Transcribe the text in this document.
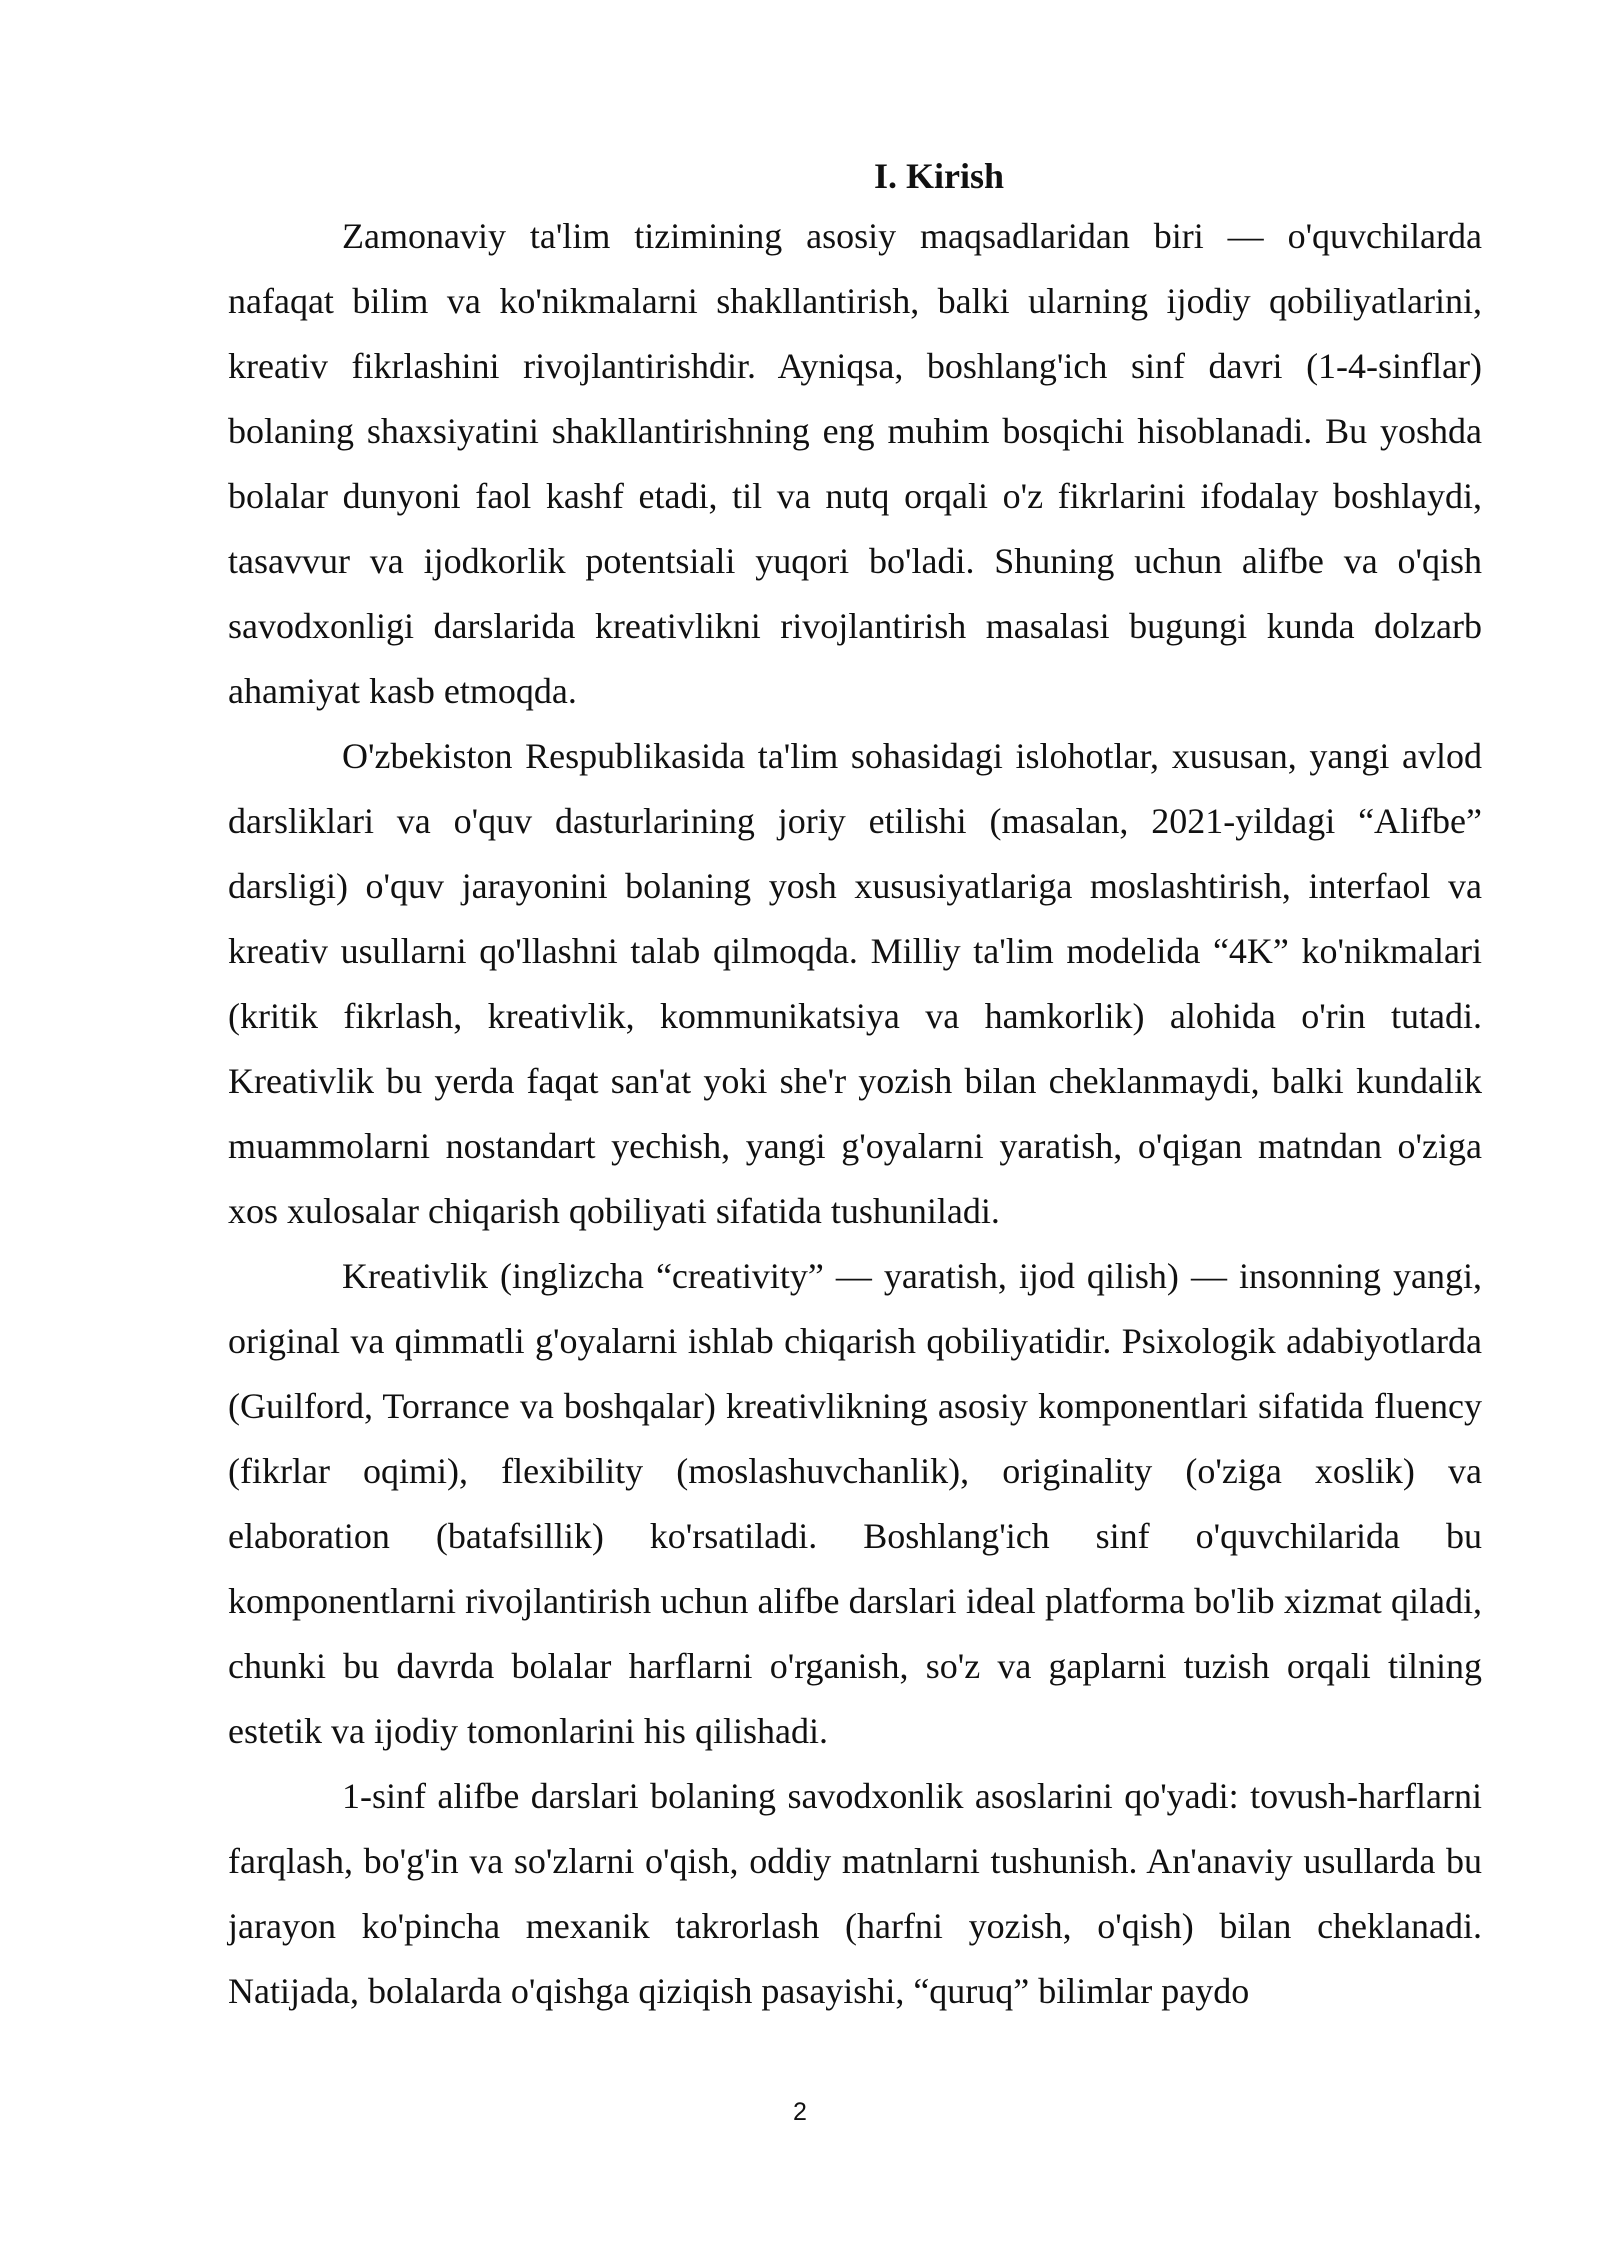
I. Kirish

Zamonaviy ta'lim tizimining asosiy maqsadlaridan biri — o'quvchilarda nafaqat bilim va ko'nikmalarni shakllantirish, balki ularning ijodiy qobiliyatlarini, kreativ fikrlashini rivojlantirishdir. Ayniqsa, boshlang'ich sinf davri (1-4-sinflar) bolaning shaxsiyatini shakllantirishning eng muhim bosqichi hisoblanadi. Bu yoshda bolalar dunyoni faol kashf etadi, til va nutq orqali o'z fikrlarini ifodalay boshlaydi, tasavvur va ijodkorlik potentsiali yuqori bo'ladi. Shuning uchun alifbe va o'qish savodxonligi darslarida kreativlikni rivojlantirish masalasi bugungi kunda dolzarb ahamiyat kasb etmoqda.

O'zbekiston Respublikasida ta'lim sohasidagi islohotlar, xususan, yangi avlod darsliklari va o'quv dasturlarining joriy etilishi (masalan, 2021-yildagi “Alifbe” darsligi) o'quv jarayonini bolaning yosh xususiyatlariga moslashtirish, interfaol va kreativ usullarni qo'llashni talab qilmoqda. Milliy ta'lim modelida “4K” ko'nikmalari (kritik fikrlash, kreativlik, kommunikatsiya va hamkorlik) alohida o'rin tutadi. Kreativlik bu yerda faqat san'at yoki she'r yozish bilan cheklanmaydi, balki kundalik muammolarni nostandart yechish, yangi g'oyalarni yaratish, o'qigan matndan o'ziga xos xulosalar chiqarish qobiliyati sifatida tushuniladi.

Kreativlik (inglizcha “creativity” — yaratish, ijod qilish) — insonning yangi, original va qimmatli g'oyalarni ishlab chiqarish qobiliyatidir. Psixologik adabiyotlarda (Guilford, Torrance va boshqalar) kreativlikning asosiy komponentlari sifatida fluency (fikrlar oqimi), flexibility (moslashuvchanlik), originality (o'ziga xoslik) va elaboration (batafsillik) ko'rsatiladi. Boshlang'ich sinf o'quvchilarida bu komponentlarni rivojlantirish uchun alifbe darslari ideal platforma bo'lib xizmat qiladi, chunki bu davrda bolalar harflarni o'rganish, so'z va gaplarni tuzish orqali tilning estetik va ijodiy tomonlarini his qilishadi.

1-sinf alifbe darslari bolaning savodxonlik asoslarini qo'yadi: tovush-harflarni farqlash, bo'g'in va so'zlarni o'qish, oddiy matnlarni tushunish. An'anaviy usullarda bu jarayon ko'pincha mexanik takrorlash (harfni yozish, o'qish) bilan cheklanadi. Natijada, bolalarda o'qishga qiziqish pasayishi, “quruq” bilimlar paydo

2
